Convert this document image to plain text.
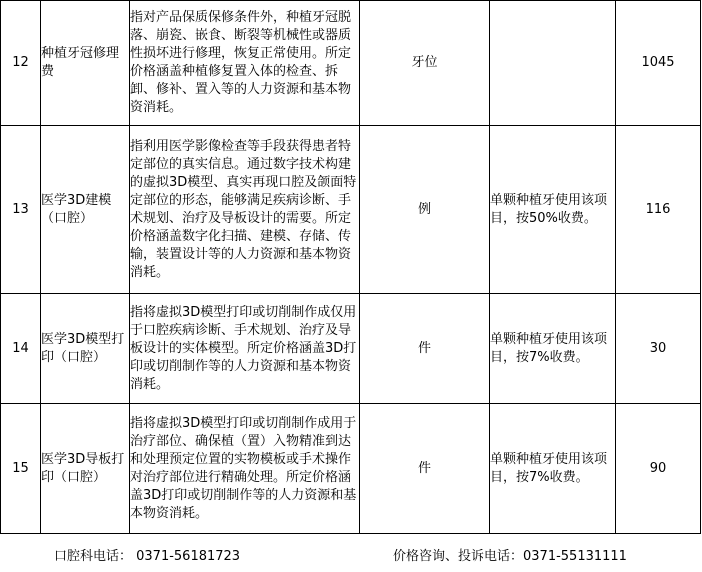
12	种植牙冠修理费	指对产品保质保修条件外，种植牙冠脱落、崩瓷、嵌食、断裂等机械性或器质性损坏进行修理，恢复正常使用。所定价格涵盖种植修复置入体的检查、拆卸、修补、置入等的人力资源和基本物资消耗。	牙位		1045
13	医学3D建模（口腔）	指利用医学影像检查等手段获得患者特定部位的真实信息。通过数字技术构建的虚拟3D模型、真实再现口腔及颌面特定部位的形态，能够满足疾病诊断、手术规划、治疗及导板设计的需要。所定价格涵盖数字化扫描、建模、存储、传输，装置设计等的人力资源和基本物资消耗。	例	单颗种植牙使用该项目，按50%收费。	116
14	医学3D模型打印（口腔）	指将虚拟3D模型打印或切削制作成仅用于口腔疾病诊断、手术规划、治疗及导板设计的实体模型。所定价格涵盖3D打印或切削制作等的人力资源和基本物资消耗。	件	单颗种植牙使用该项目，按7%收费。	30
15	医学3D导板打印（口腔）	指将虚拟3D模型打印或切削制作成用于治疗部位、确保植（置）入物精准到达和处理预定位置的实物模板或手术操作对治疗部位进行精确处理。所定价格涵盖3D打印或切削制作等的人力资源和基本物资消耗。	件	单颗种植牙使用该项目，按7%收费。	90
口腔科电话： 0371-56181723	价格咨询、投诉电话：0371-55131111
